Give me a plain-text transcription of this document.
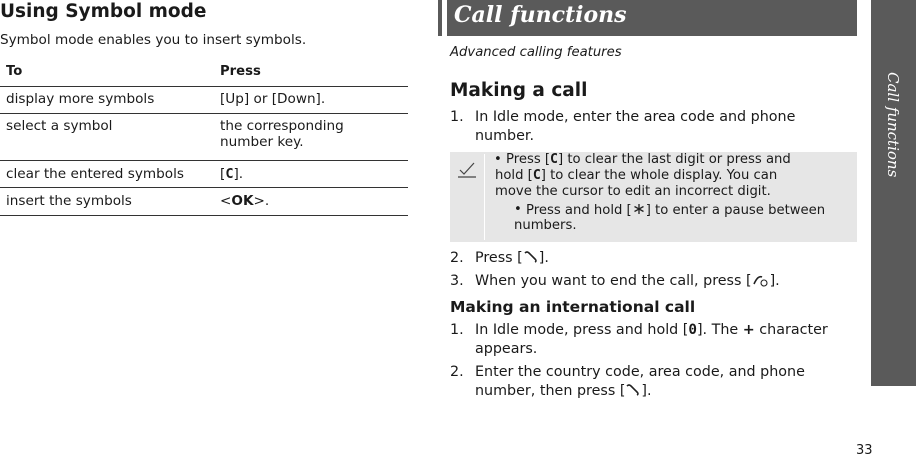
Using Symbol mode
Symbol mode enables you to insert symbols.
To	Press
display more symbols	[Up] or [Down].
select a symbol	the corresponding
number key.
clear the entered symbols	[C].
insert the symbols	<OK>.
Call functions
Advanced calling features
Making a call
1. In Idle mode, enter the area code and phone
number.
• Press [C] to clear the last digit or press and
hold [C] to clear the whole display. You can
move the cursor to edit an incorrect digit.
• Press and hold [ ] to enter a pause between
numbers.
2. Press [ ].
3. When you want to end the call, press [ ].
Making an international call
1. In Idle mode, press and hold [0]. The + character
appears.
2. Enter the country code, area code, and phone
number, then press [ ].
Call functions
33
